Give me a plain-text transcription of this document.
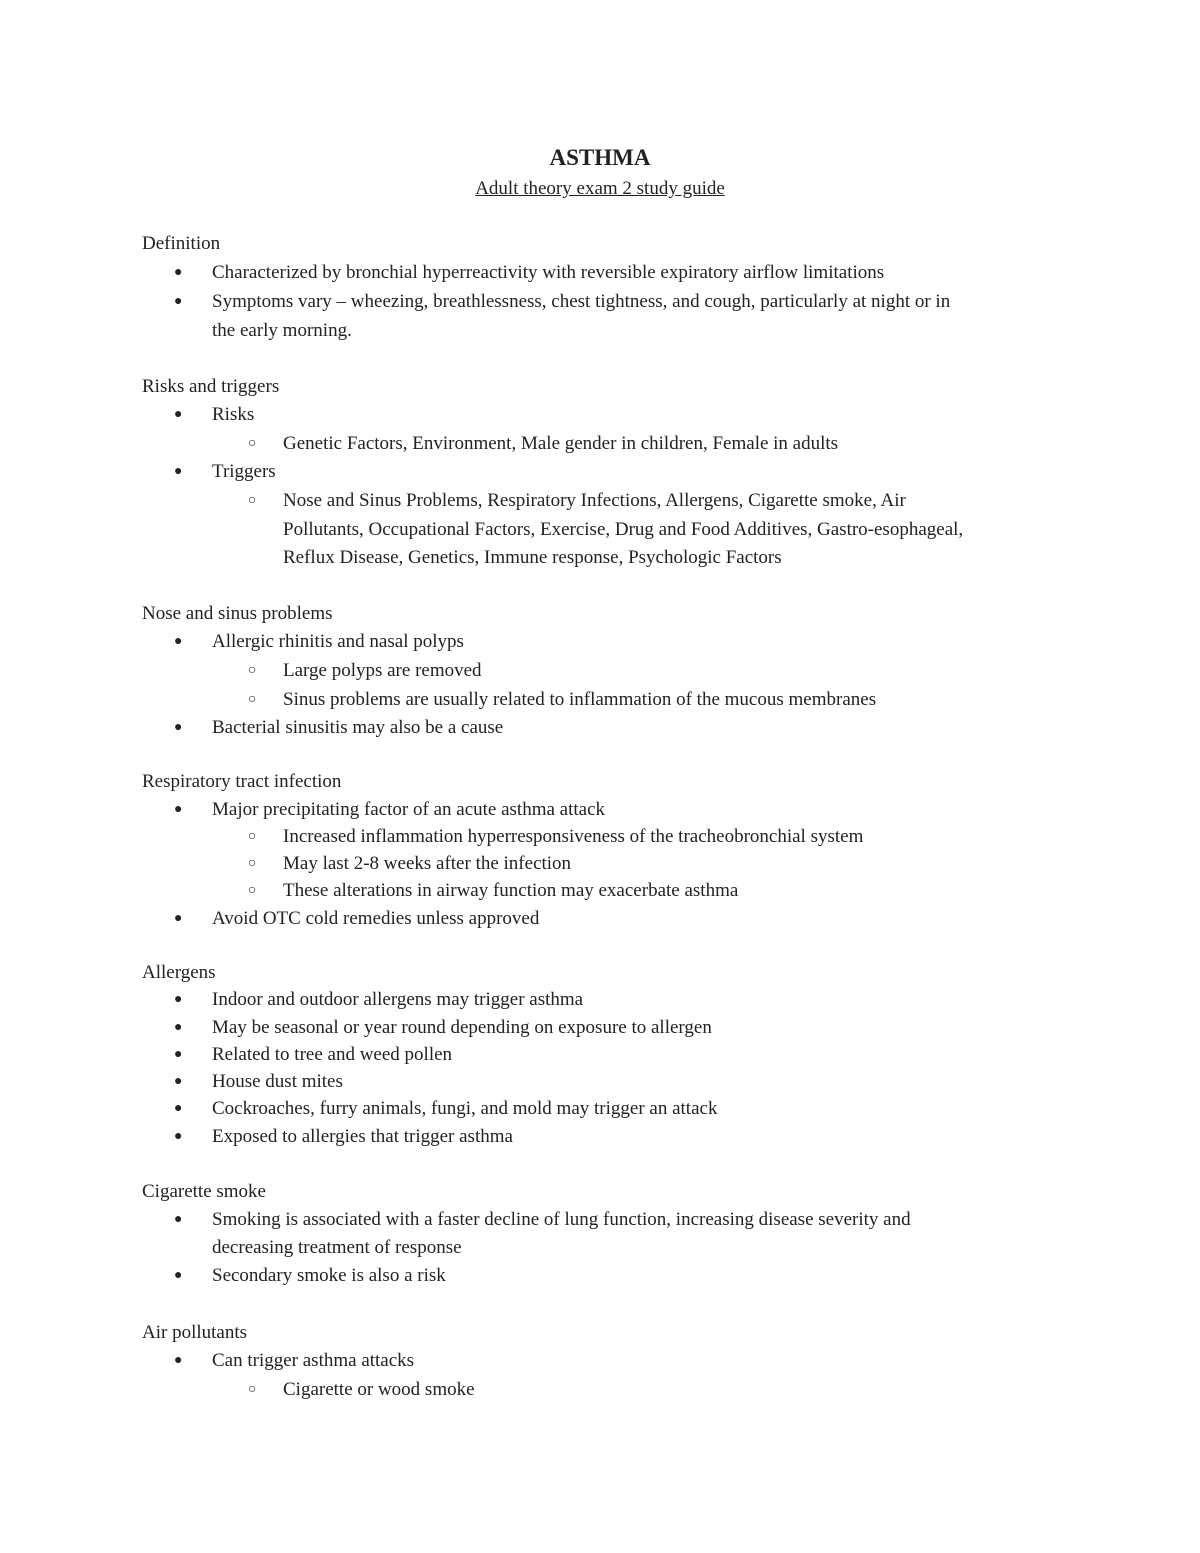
ASTHMA
Adult theory exam 2 study guide
Definition
● Characterized by bronchial hyperreactivity with reversible expiratory airflow limitations
● Symptoms vary – wheezing, breathlessness, chest tightness, and cough, particularly at night or in
the early morning.
Risks and triggers
● Risks
○ Genetic Factors, Environment, Male gender in children, Female in adults
● Triggers
○ Nose and Sinus Problems, Respiratory Infections, Allergens, Cigarette smoke, Air
Pollutants, Occupational Factors, Exercise, Drug and Food Additives, Gastro-esophageal,
Reflux Disease, Genetics, Immune response, Psychologic Factors
Nose and sinus problems
● Allergic rhinitis and nasal polyps
○ Large polyps are removed
○ Sinus problems are usually related to inflammation of the mucous membranes
● Bacterial sinusitis may also be a cause
Respiratory tract infection
● Major precipitating factor of an acute asthma attack
○ Increased inflammation hyperresponsiveness of the tracheobronchial system
○ May last 2-8 weeks after the infection
○ These alterations in airway function may exacerbate asthma
● Avoid OTC cold remedies unless approved
Allergens
● Indoor and outdoor allergens may trigger asthma
● May be seasonal or year round depending on exposure to allergen
● Related to tree and weed pollen
● House dust mites
● Cockroaches, furry animals, fungi, and mold may trigger an attack
● Exposed to allergies that trigger asthma
Cigarette smoke
● Smoking is associated with a faster decline of lung function, increasing disease severity and
decreasing treatment of response
● Secondary smoke is also a risk
Air pollutants
● Can trigger asthma attacks
○ Cigarette or wood smoke
